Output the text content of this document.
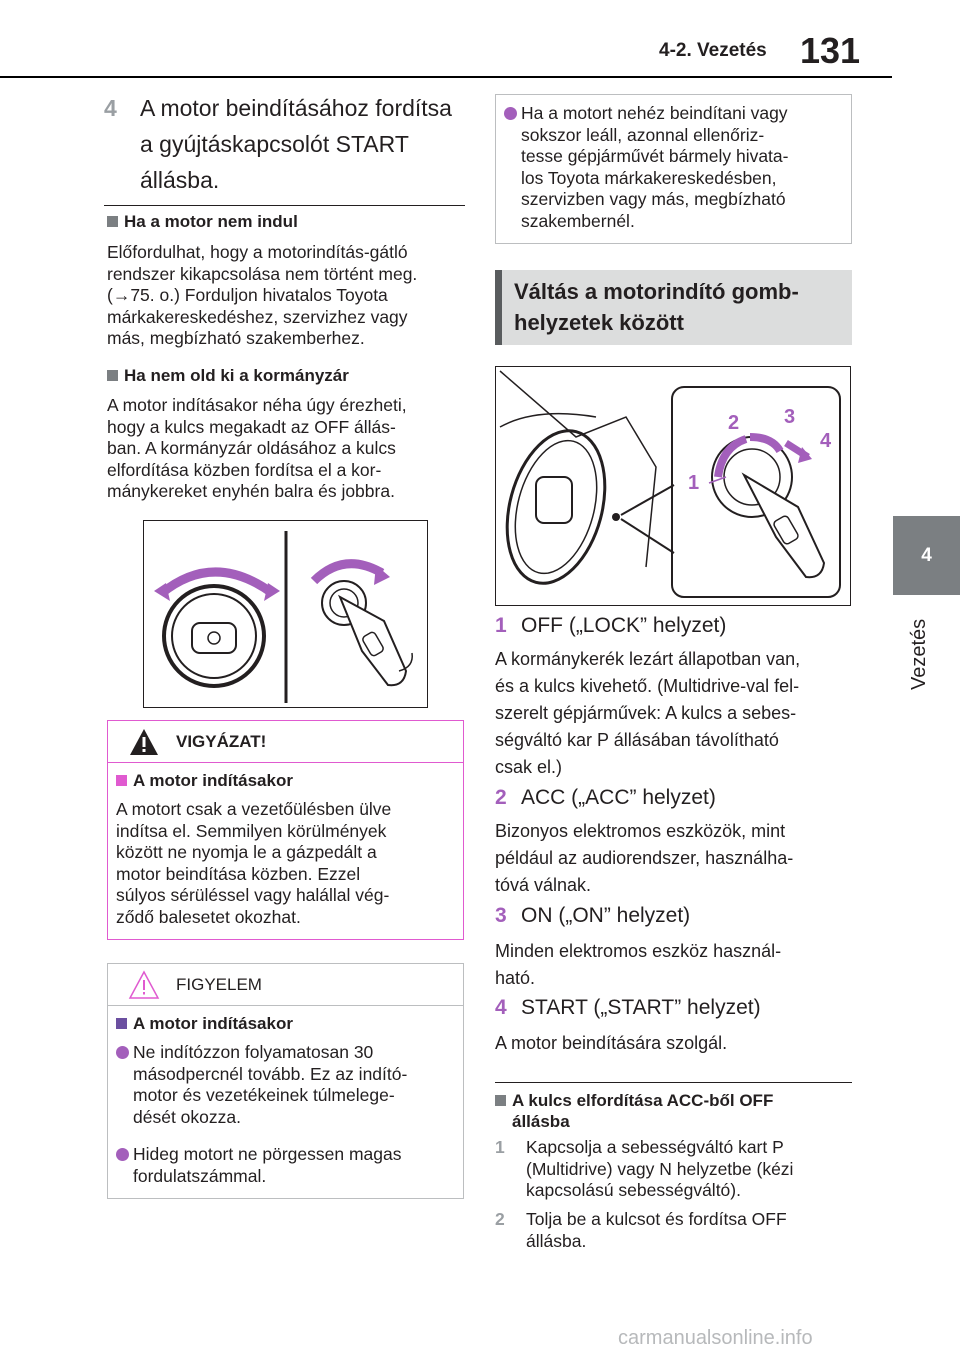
4-2. Vezetés 131
4
Vezetés
4	A motor beindításához fordítsa a gyújtáskapcsolót START állásba.
Ha a motor nem indul
Előfordulhat, hogy a motorindítás-gátló
rendszer kikapcsolása nem történt meg.
(→75. o.) Forduljon hivatalos Toyota
márkakereskedéshez, szervizhez vagy
más, megbízható szakemberhez.
Ha nem old ki a kormányzár
A motor indításakor néha úgy érezheti,
hogy a kulcs megakadt az OFF állás-
ban. A kormányzár oldásához a kulcs
elfordítása közben fordítsa el a kor-
mánykereket enyhén balra és jobbra.
VIGYÁZAT!
A motor indításakor
A motort csak a vezetőülésben ülve
indítsa el. Semmilyen körülmények
között ne nyomja le a gázpedált a
motor beindítása közben. Ezzel
súlyos sérüléssel vagy halállal vég-
ződő balesetet okozhat.
FIGYELEM
A motor indításakor
Ne indítózzon folyamatosan 30
másodpercnél tovább. Ez az indító-
motor és vezetékeinek túlmelege-
dését okozza.
Hideg motort ne pörgessen magas
fordulatszámmal.
Ha a motort nehéz beindítani vagy
sokszor leáll, azonnal ellenőriz-
tesse gépjárművét bármely hivata-
los Toyota márkakereskedésben,
szervizben vagy más, megbízható
szakembernél.
Váltás a motorindító gomb-
helyzetek között
1
2 3
4
1 OFF („LOCK” helyzet)
A kormánykerék lezárt állapotban van,
és a kulcs kivehető. (Multidrive-val fel-
szerelt gépjárművek: A kulcs a sebes-
ségváltó kar P állásában távolítható
csak el.)
2 ACC („ACC” helyzet)
Bizonyos elektromos eszközök, mint
például az audiorendszer, használha-
tóvá válnak.
3 ON („ON” helyzet)
Minden elektromos eszköz használ-
ható.
4 START („START” helyzet)
A motor beindítására szolgál.
A kulcs elfordítása ACC-ből OFF
állásba
1 Kapcsolja a sebességváltó kart P
(Multidrive) vagy N helyzetbe (kézi
kapcsolású sebességváltó).
2 Tolja be a kulcsot és fordítsa OFF
állásba.
carmanualsonline.info
